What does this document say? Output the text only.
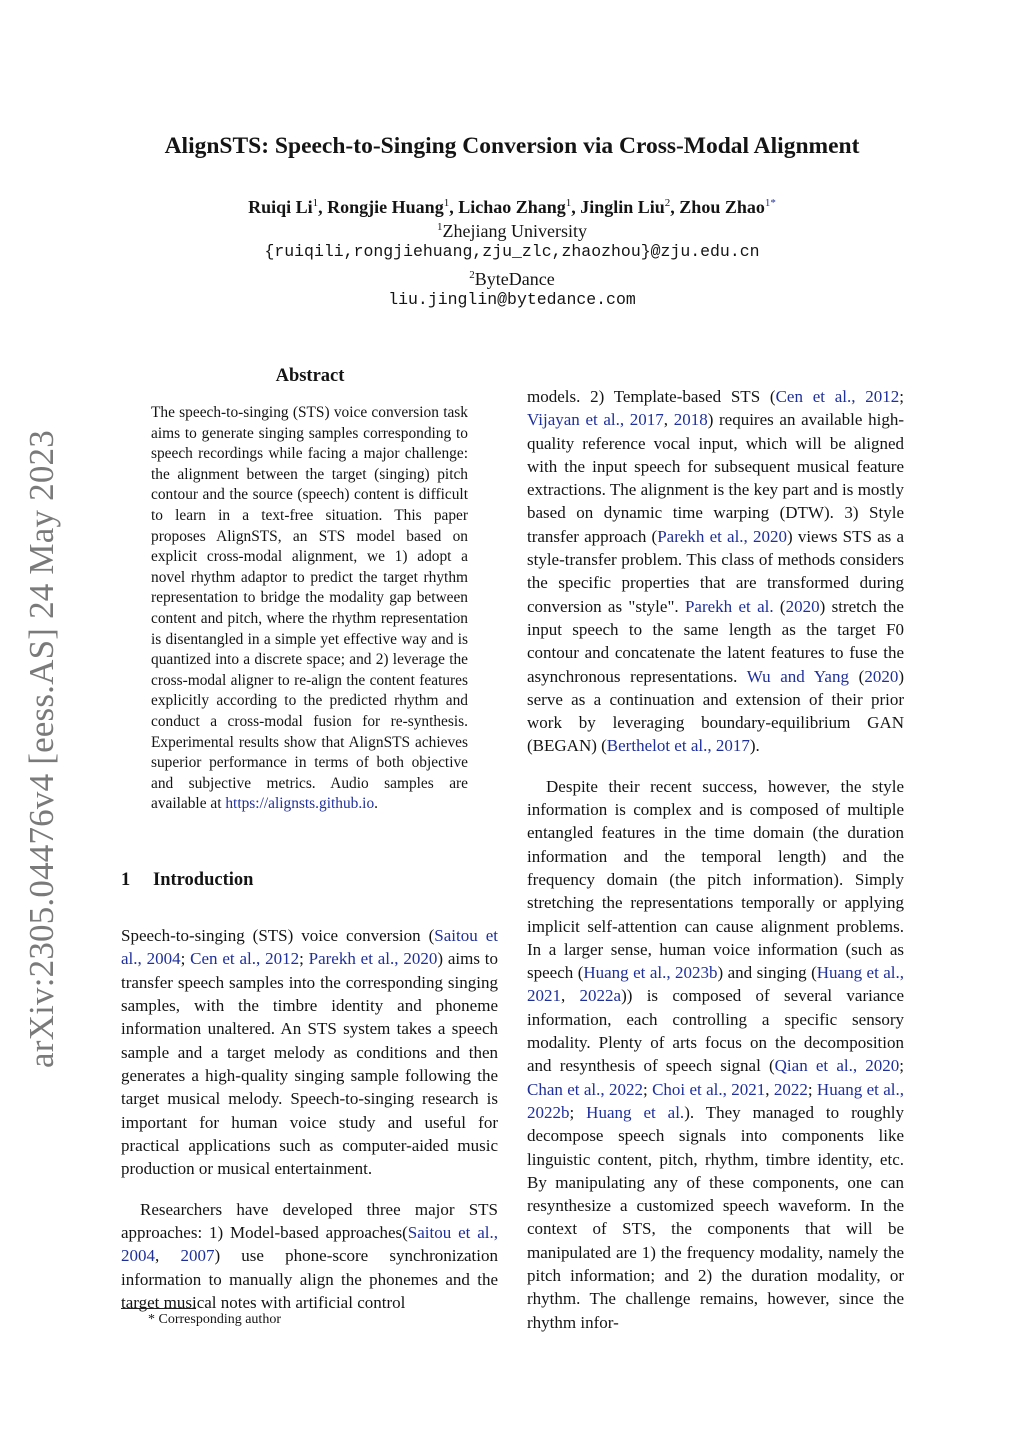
arXiv:2305.04476v4 [eess.AS] 24 May 2023
AlignSTS: Speech-to-Singing Conversion via Cross-Modal Alignment
Ruiqi Li$^1$, Rongjie Huang$^1$, Lichao Zhang$^1$, Jinglin Liu$^2$, Zhou Zhao$^{1*}$
$^1$Zhejiang University
{ruiqili,rongjiehuang,zju_zlc,zhaozhou}@zju.edu.cn
$^2$ByteDance
liu.jinglin@bytedance.com
Abstract
The speech-to-singing (STS) voice conversion task aims to generate singing samples corresponding to speech recordings while facing a major challenge: the alignment between the target (singing) pitch contour and the source (speech) content is difficult to learn in a text-free situation. This paper proposes AlignSTS, an STS model based on explicit cross-modal alignment, we 1) adopt a novel rhythm adaptor to predict the target rhythm representation to bridge the modality gap between content and pitch, where the rhythm representation is disentangled in a simple yet effective way and is quantized into a discrete space; and 2) leverage the cross-modal aligner to re-align the content features explicitly according to the predicted rhythm and conduct a cross-modal fusion for re-synthesis. Experimental results show that AlignSTS achieves superior performance in terms of both objective and subjective metrics. Audio samples are available at https://alignsts.github.io.
1 Introduction

Speech-to-singing (STS) voice conversion (Saitou et al., 2004; Cen et al., 2012; Parekh et al., 2020) aims to transfer speech samples into the corresponding singing samples, with the timbre identity and phoneme information unaltered. An STS system takes a speech sample and a target melody as conditions and then generates a high-quality singing sample following the target musical melody. Speech-to-singing research is important for human voice study and useful for practical applications such as computer-aided music production or musical entertainment.

Researchers have developed three major STS approaches: 1) Model-based approaches(Saitou et al., 2004, 2007) use phone-score synchronization information to manually align the phonemes and the target musical notes with artificial control

models. 2) Template-based STS (Cen et al., 2012; Vijayan et al., 2017, 2018) requires an available high-quality reference vocal input, which will be aligned with the input speech for subsequent musical feature extractions. The alignment is the key part and is mostly based on dynamic time warping (DTW). 3) Style transfer approach (Parekh et al., 2020) views STS as a style-transfer problem. This class of methods considers the specific properties that are transformed during conversion as "style". Parekh et al. (2020) stretch the input speech to the same length as the target F0 contour and concatenate the latent features to fuse the asynchronous representations. Wu and Yang (2020) serve as a continuation and extension of their prior work by leveraging boundary-equilibrium GAN (BEGAN) (Berthelot et al., 2017).

Despite their recent success, however, the style information is complex and is composed of multiple entangled features in the time domain (the duration information and the temporal length) and the frequency domain (the pitch information). Simply stretching the representations temporally or applying implicit self-attention can cause alignment problems. In a larger sense, human voice information (such as speech (Huang et al., 2023b) and singing (Huang et al., 2021, 2022a)) is composed of several variance information, each controlling a specific sensory modality. Plenty of arts focus on the decomposition and resynthesis of speech signal (Qian et al., 2020; Chan et al., 2022; Choi et al., 2021, 2022; Huang et al., 2022b; Huang et al.). They managed to roughly decompose speech signals into components like linguistic content, pitch, rhythm, timbre identity, etc. By manipulating any of these components, one can resynthesize a customized speech waveform. In the context of STS, the components that will be manipulated are 1) the frequency modality, namely the pitch information; and 2) the duration modality, or rhythm. The challenge remains, however, since the rhythm infor-

* Corresponding author
